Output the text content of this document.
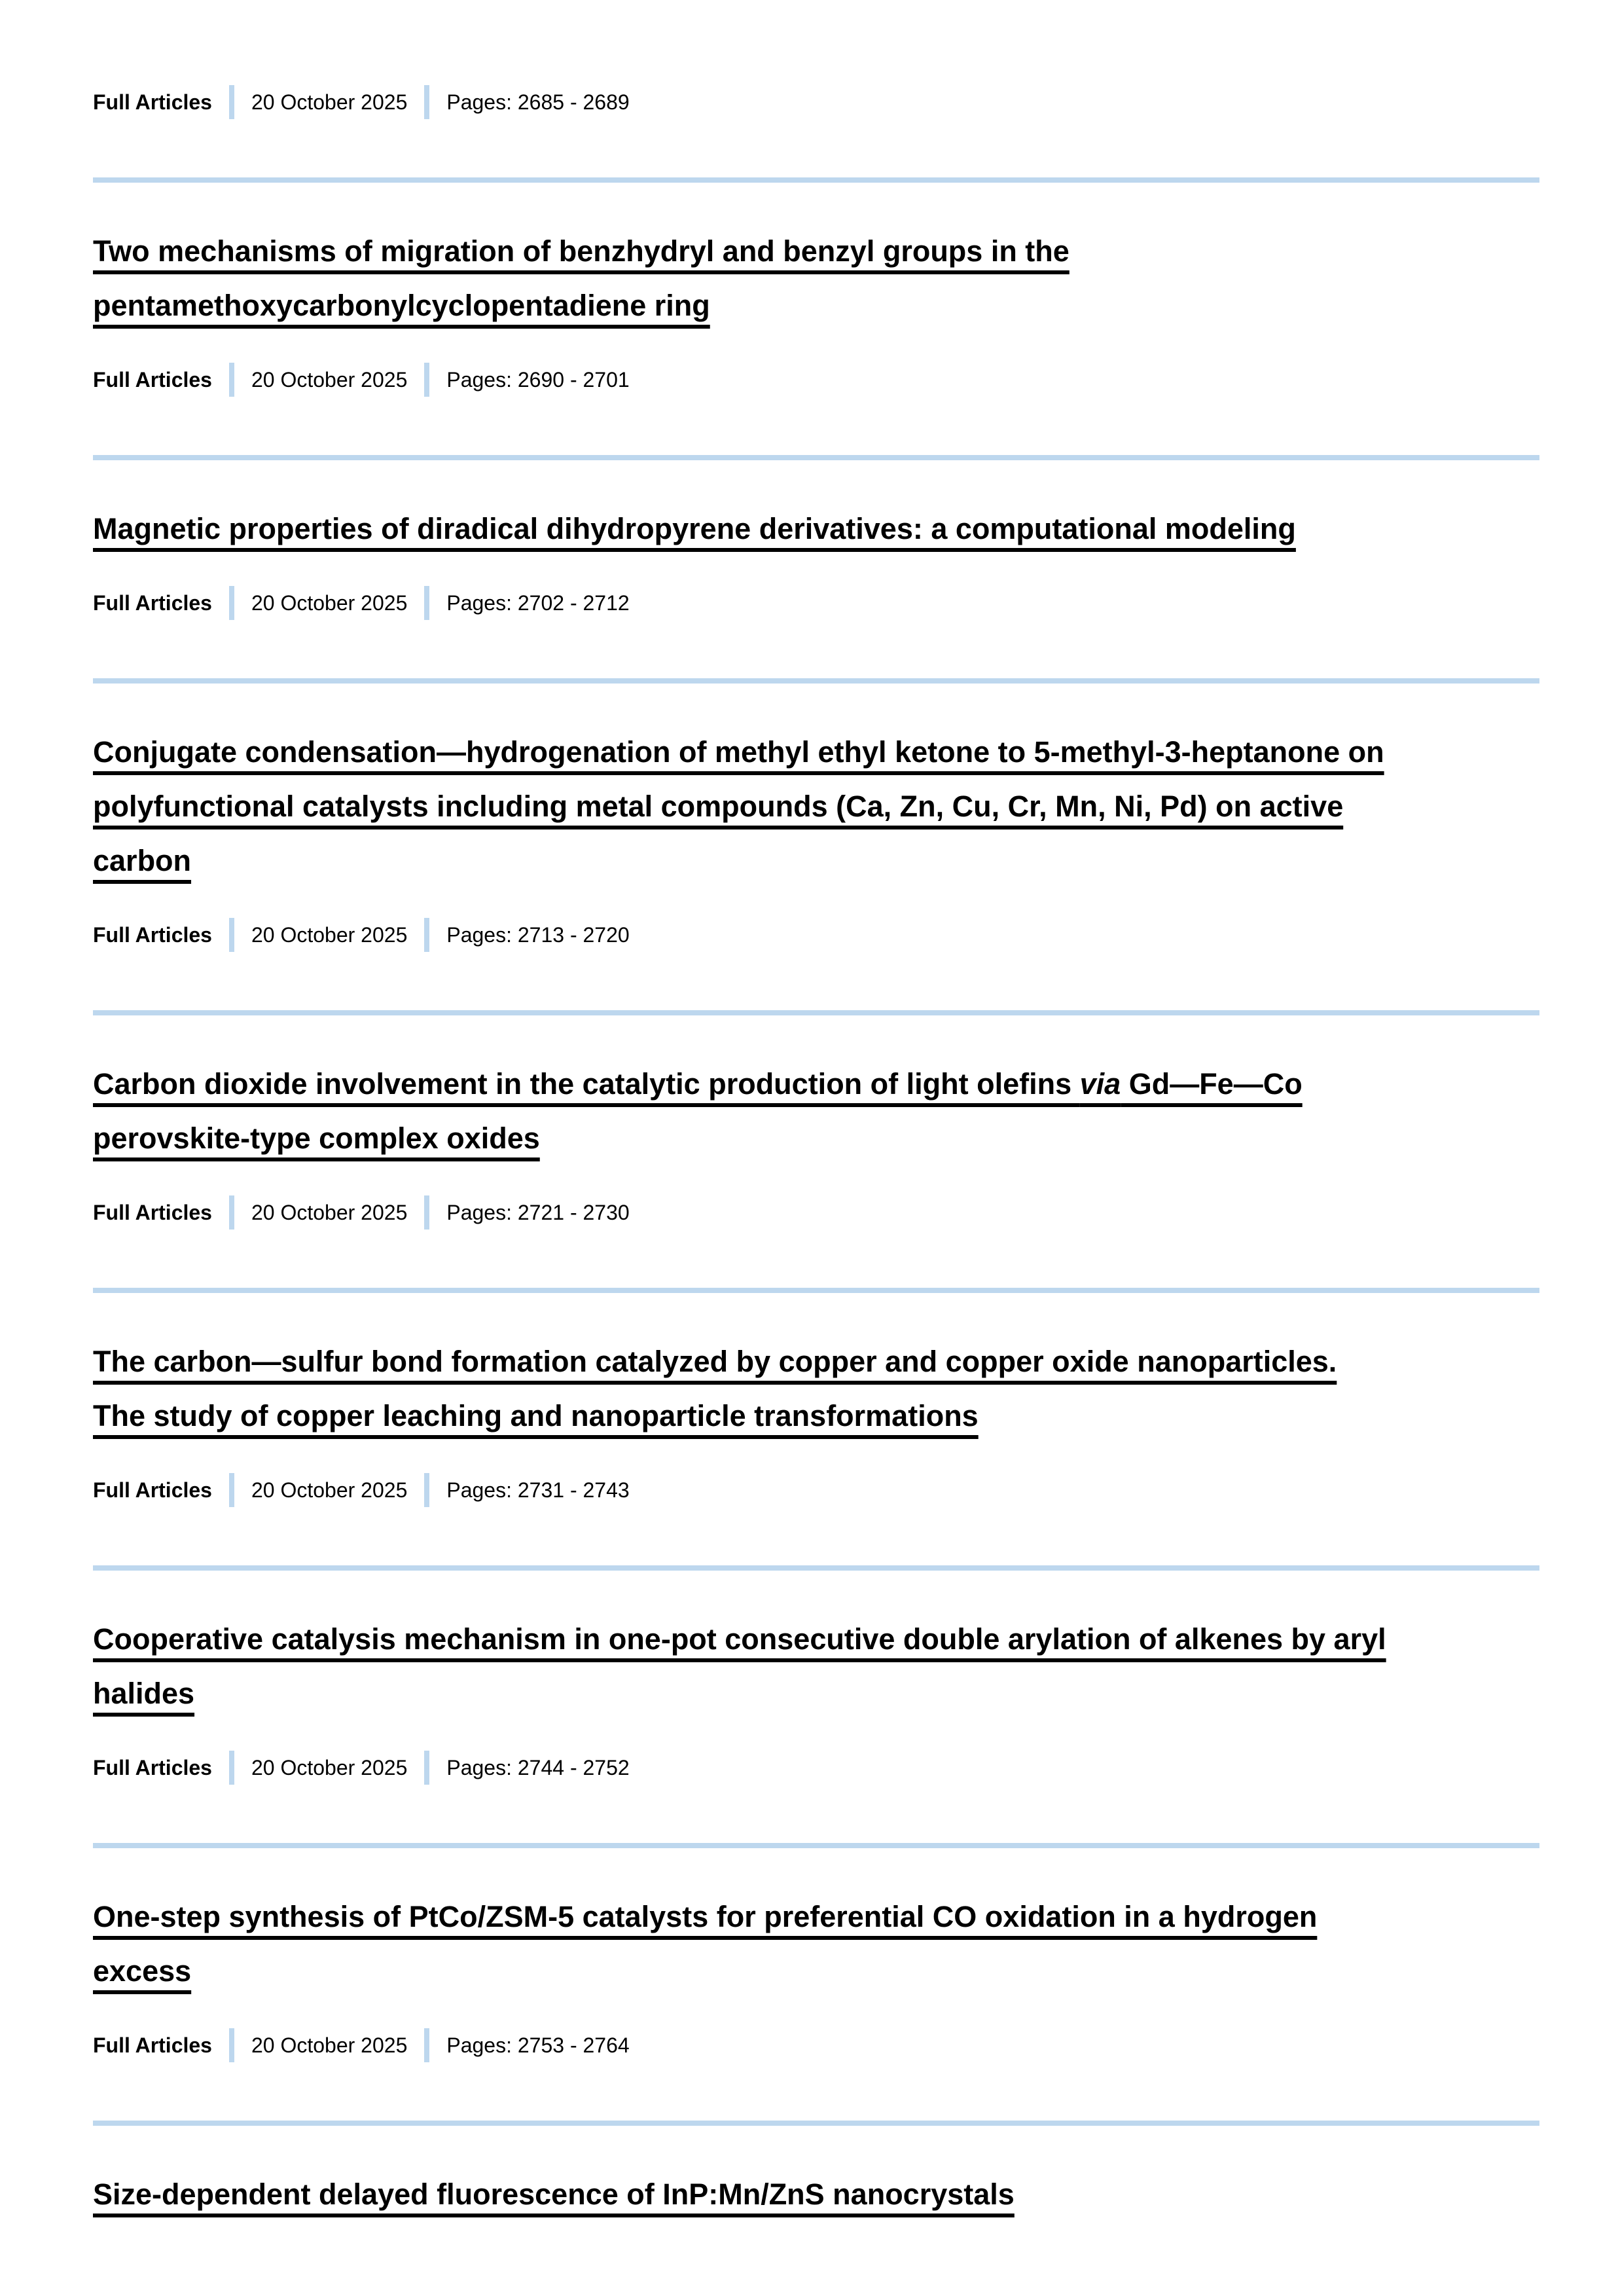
Full Articles 20 October 2025 Pages: 2685 - 2689
Two mechanisms of migration of benzhydryl and benzyl groups in the
pentamethoxycarbonylcyclopentadiene ring
Full Articles 20 October 2025 Pages: 2690 - 2701
Magnetic properties of diradical dihydropyrene derivatives: a computational modeling
Full Articles 20 October 2025 Pages: 2702 - 2712
Conjugate condensation—hydrogenation of methyl ethyl ketone to 5-methyl-3-heptanone on
polyfunctional catalysts including metal compounds (Ca, Zn, Cu, Cr, Mn, Ni, Pd) on active
carbon
Full Articles 20 October 2025 Pages: 2713 - 2720
Carbon dioxide involvement in the catalytic production of light olefins via Gd—Fe—Co
perovskite-type complex oxides
Full Articles 20 October 2025 Pages: 2721 - 2730
The carbon—sulfur bond formation catalyzed by copper and copper oxide nanoparticles.
The study of copper leaching and nanoparticle transformations
Full Articles 20 October 2025 Pages: 2731 - 2743
Cooperative catalysis mechanism in one-pot consecutive double arylation of alkenes by aryl
halides
Full Articles 20 October 2025 Pages: 2744 - 2752
One-step synthesis of PtCo/ZSM-5 catalysts for preferential CO oxidation in a hydrogen
excess
Full Articles 20 October 2025 Pages: 2753 - 2764
Size-dependent delayed fluorescence of InP:Mn/ZnS nanocrystals
